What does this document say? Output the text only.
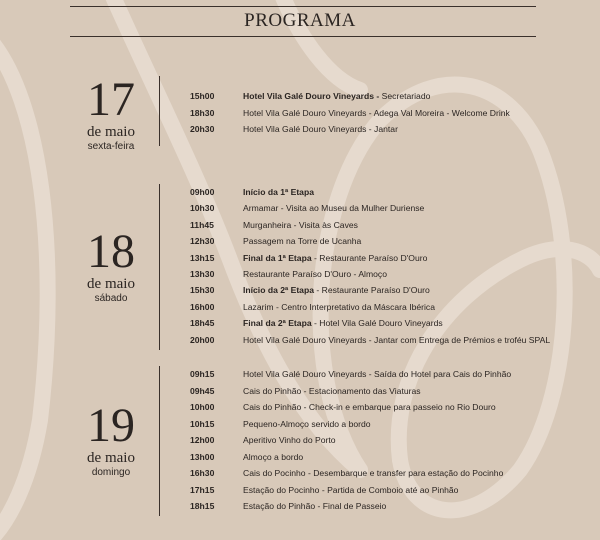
PROGRAMA
17
de maio
sexta-feira
15h00	Hotel Vila Galé Douro Vineyards - Secretariado
18h30	Hotel Vila Galé Douro Vineyards - Adega Val Moreira - Welcome Drink
20h30	Hotel Vila Galé Douro Vineyards - Jantar
18
de maio
sábado
09h00	Início da 1ª Etapa
10h30	Armamar - Visita ao Museu da Mulher Duriense
11h45	Murganheira - Visita às Caves
12h30	Passagem na Torre de Ucanha
13h15	Final da 1ª Etapa - Restaurante Paraíso D'Ouro
13h30	Restaurante Paraíso D'Ouro - Almoço
15h30	Início da 2ª Etapa - Restaurante Paraíso D'Ouro
16h00	Lazarim - Centro Interpretativo da Máscara Ibérica
18h45	Final da 2ª Etapa - Hotel Vila Galé Douro Vineyards
20h00	Hotel Vila Galé Douro Vineyards - Jantar com Entrega de Prémios e troféu SPAL
19
de maio
domingo
09h15	Hotel Vila Galé Douro Vineyards - Saída do Hotel para Cais do Pinhão
09h45	Cais do Pinhão - Estacionamento das Viaturas
10h00	Cais do Pinhão - Check-in e embarque para passeio no Rio Douro
10h15	Pequeno-Almoço servido a bordo
12h00	Aperitivo Vinho do Porto
13h00	Almoço a bordo
16h30	Cais do Pocinho - Desembarque e transfer para estação do Pocinho
17h15	Estação do Pocinho - Partida de Comboio até ao Pinhão
18h15	Estação do Pinhão - Final de Passeio
